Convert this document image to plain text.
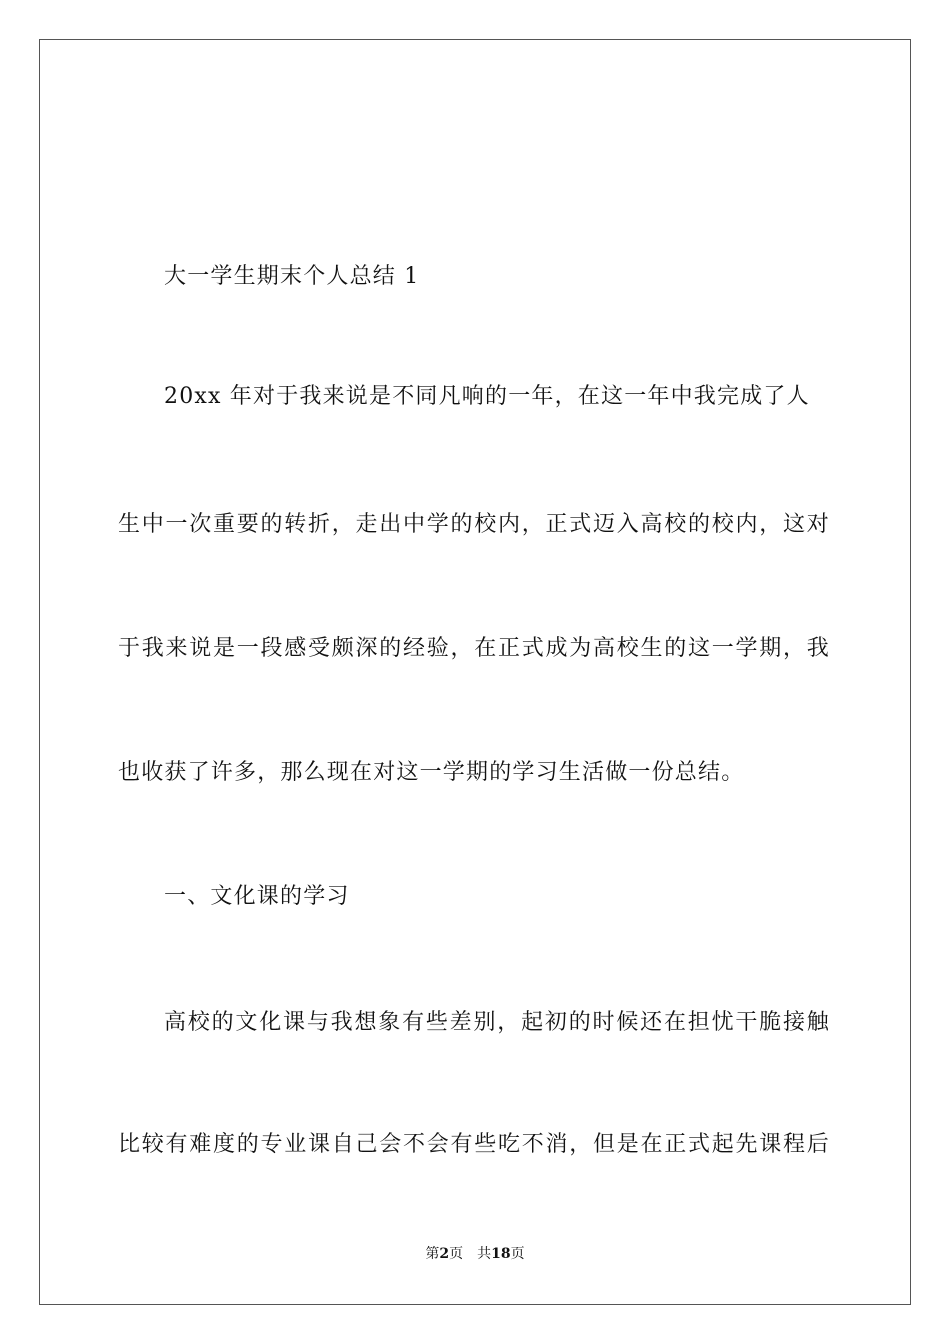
大一学生期末个人总结 1
20xx 年对于我来说是不同凡响的一年，在这一年中我完成了人
生中一次重要的转折，走出中学的校内，正式迈入高校的校内，这对
于我来说是一段感受颇深的经验，在正式成为高校生的这一学期，我
也收获了许多，那么现在对这一学期的学习生活做一份总结。
一、文化课的学习
高校的文化课与我想象有些差别，起初的时候还在担忧干脆接触
比较有难度的专业课自己会不会有些吃不消，但是在正式起先课程后
第2页 共18页
